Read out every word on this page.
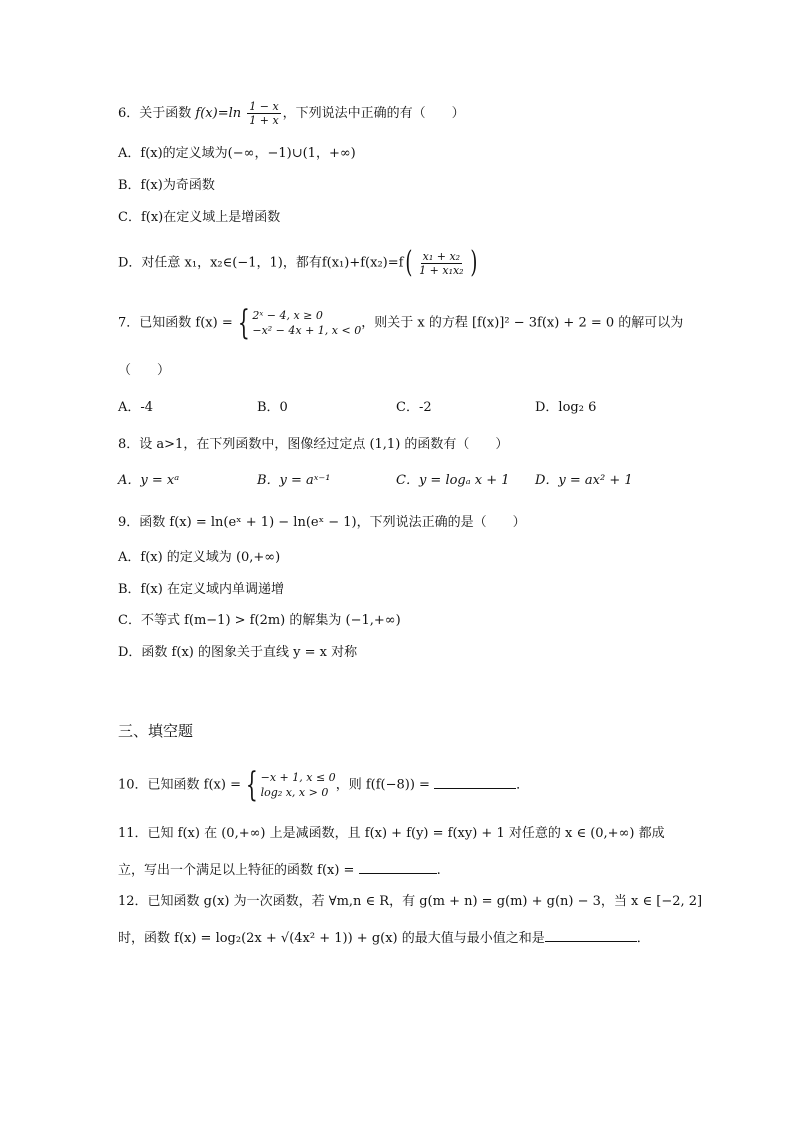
6．关于函数 $f(x)=\ln \frac{1 - x}{1 + x}$ ，下列说法中正确的有（　　）
A．f(x)的定义域为(−∞，−1)∪(1，+∞)
B．f(x)为奇函数
C．f(x)在定义域上是增函数
D．对任意 x₁，x₂∈(−1，1)，都有$f(x_1)+f(x_2)=f( \frac{\text{x₁ + x₂}}{\text{1 + x₁x₂}}$ )
7．已知函数 f(x) = { 2ˣ − 4, x ≥ 0
−x² − 4x + 1, x < 0 ，则关于 x 的方程 [f(x)]² − 3f(x) + 2 = 0 的解可以为
（　　）
A．-4	B．0	C．-2	D．log₂ 6
8．设 a>1，在下列函数中，图像经过定点 (1,1) 的函数有（　　）
A．y = xᵃ	B．y = aˣ⁻¹	C．y = logₐ x + 1 D．y = ax² + 1
9．函数 f(x) = ln(eˣ + 1) − ln(eˣ − 1)，下列说法正确的是（　　）
A．f(x) 的定义域为 (0,+∞)
B．f(x) 在定义域内单调递增
C．不等式 f(m−1) > f(2m) 的解集为 (−1,+∞)
D．函数 f(x) 的图象关于直线 y = x 对称
三、填空题
10．已知函数 f(x) = { −x + 1, x ≤ 0
log₂ x, x > 0 ，则 f(f(−8)) =	．
11．已知 f(x) 在 (0,+∞) 上是减函数，且 f(x) + f(y) = f(xy) + 1 对任意的 x ∈ (0,+∞) 都成
立，写出一个满足以上特征的函数 f(x) =	.
12．已知函数 g(x) 为一次函数，若 ∀m,n ∈ R，有 g(m + n) = g(m) + g(n) − 3，当 x ∈ [−2, 2]
时，函数 f(x) = log₂(2x + √(4x² + 1)) + g(x) 的最大值与最小值之和是	．
